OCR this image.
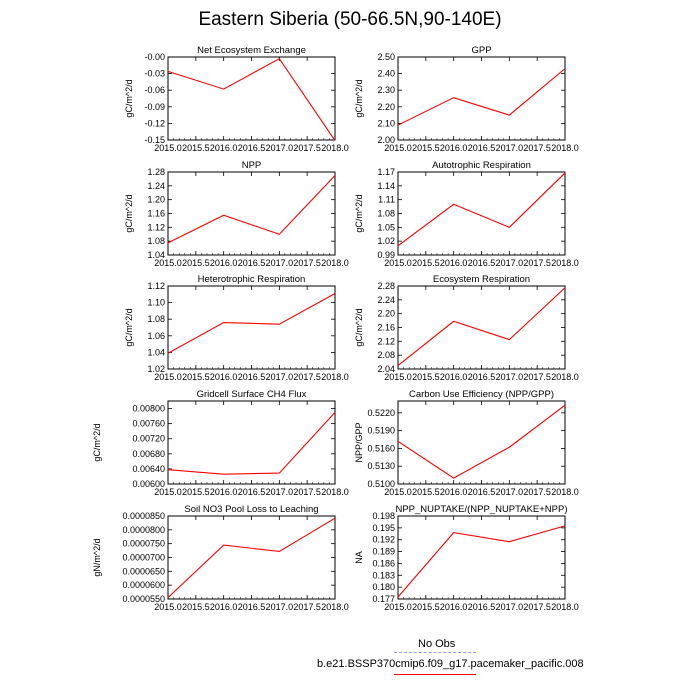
Eastern Siberia (50-66.5N,90-140E)
Net Ecosystem Exchange
gC/m^2/d
2015.0 2015.5 2016.0 2016.5 2017.0 2017.5 2018.0
-0.15
-0.12
-0.09
-0.06
-0.03
-0.00
GPP
gC/m^2/d
2015.0 2015.5 2016.0 2016.5 2017.0 2017.5 2018.0
2.00
2.10
2.20
2.30
2.40
2.50
NPP
gC/m^2/d
2015.0 2015.5 2016.0 2016.5 2017.0 2017.5 2018.0
1.04
1.08
1.12
1.16
1.20
1.24
1.28
Autotrophic Respiration
gC/m^2/d
2015.0 2015.5 2016.0 2016.5 2017.0 2017.5 2018.0
0.99
1.02
1.05
1.08
1.11
1.14
1.17
Heterotrophic Respiration
gC/m^2/d
2015.0 2015.5 2016.0 2016.5 2017.0 2017.5 2018.0
1.02
1.04
1.06
1.08
1.10
1.12
Ecosystem Respiration
gC/m^2/d
2015.0 2015.5 2016.0 2016.5 2017.0 2017.5 2018.0
2.04
2.08
2.12
2.16
2.20
2.24
2.28
Gridcell Surface CH4 Flux
gC/m^2/d
2015.0 2015.5 2016.0 2016.5 2017.0 2017.5 2018.0
0.00600
0.00640
0.00680
0.00720
0.00760
0.00800
Carbon Use Efficiency (NPP/GPP)
NPP/GPP
2015.0 2015.5 2016.0 2016.5 2017.0 2017.5 2018.0
0.5100
0.5130
0.5160
0.5190
0.5220
Soil NO3 Pool Loss to Leaching
gN/m^2/d
2015.0 2015.5 2016.0 2016.5 2017.0 2017.5 2018.0
0.0000550
0.0000600
0.0000650
0.0000700
0.0000750
0.0000800
0.0000850
NPP_NUPTAKE/(NPP_NUPTAKE+NPP)
NA
2015.0 2015.5 2016.0 2016.5 2017.0 2017.5 2018.0
0.177
0.180
0.183
0.186
0.189
0.192
0.195
0.198
No Obs
b.e21.BSSP370cmip6.f09_g17.pacemaker_pacific.008
